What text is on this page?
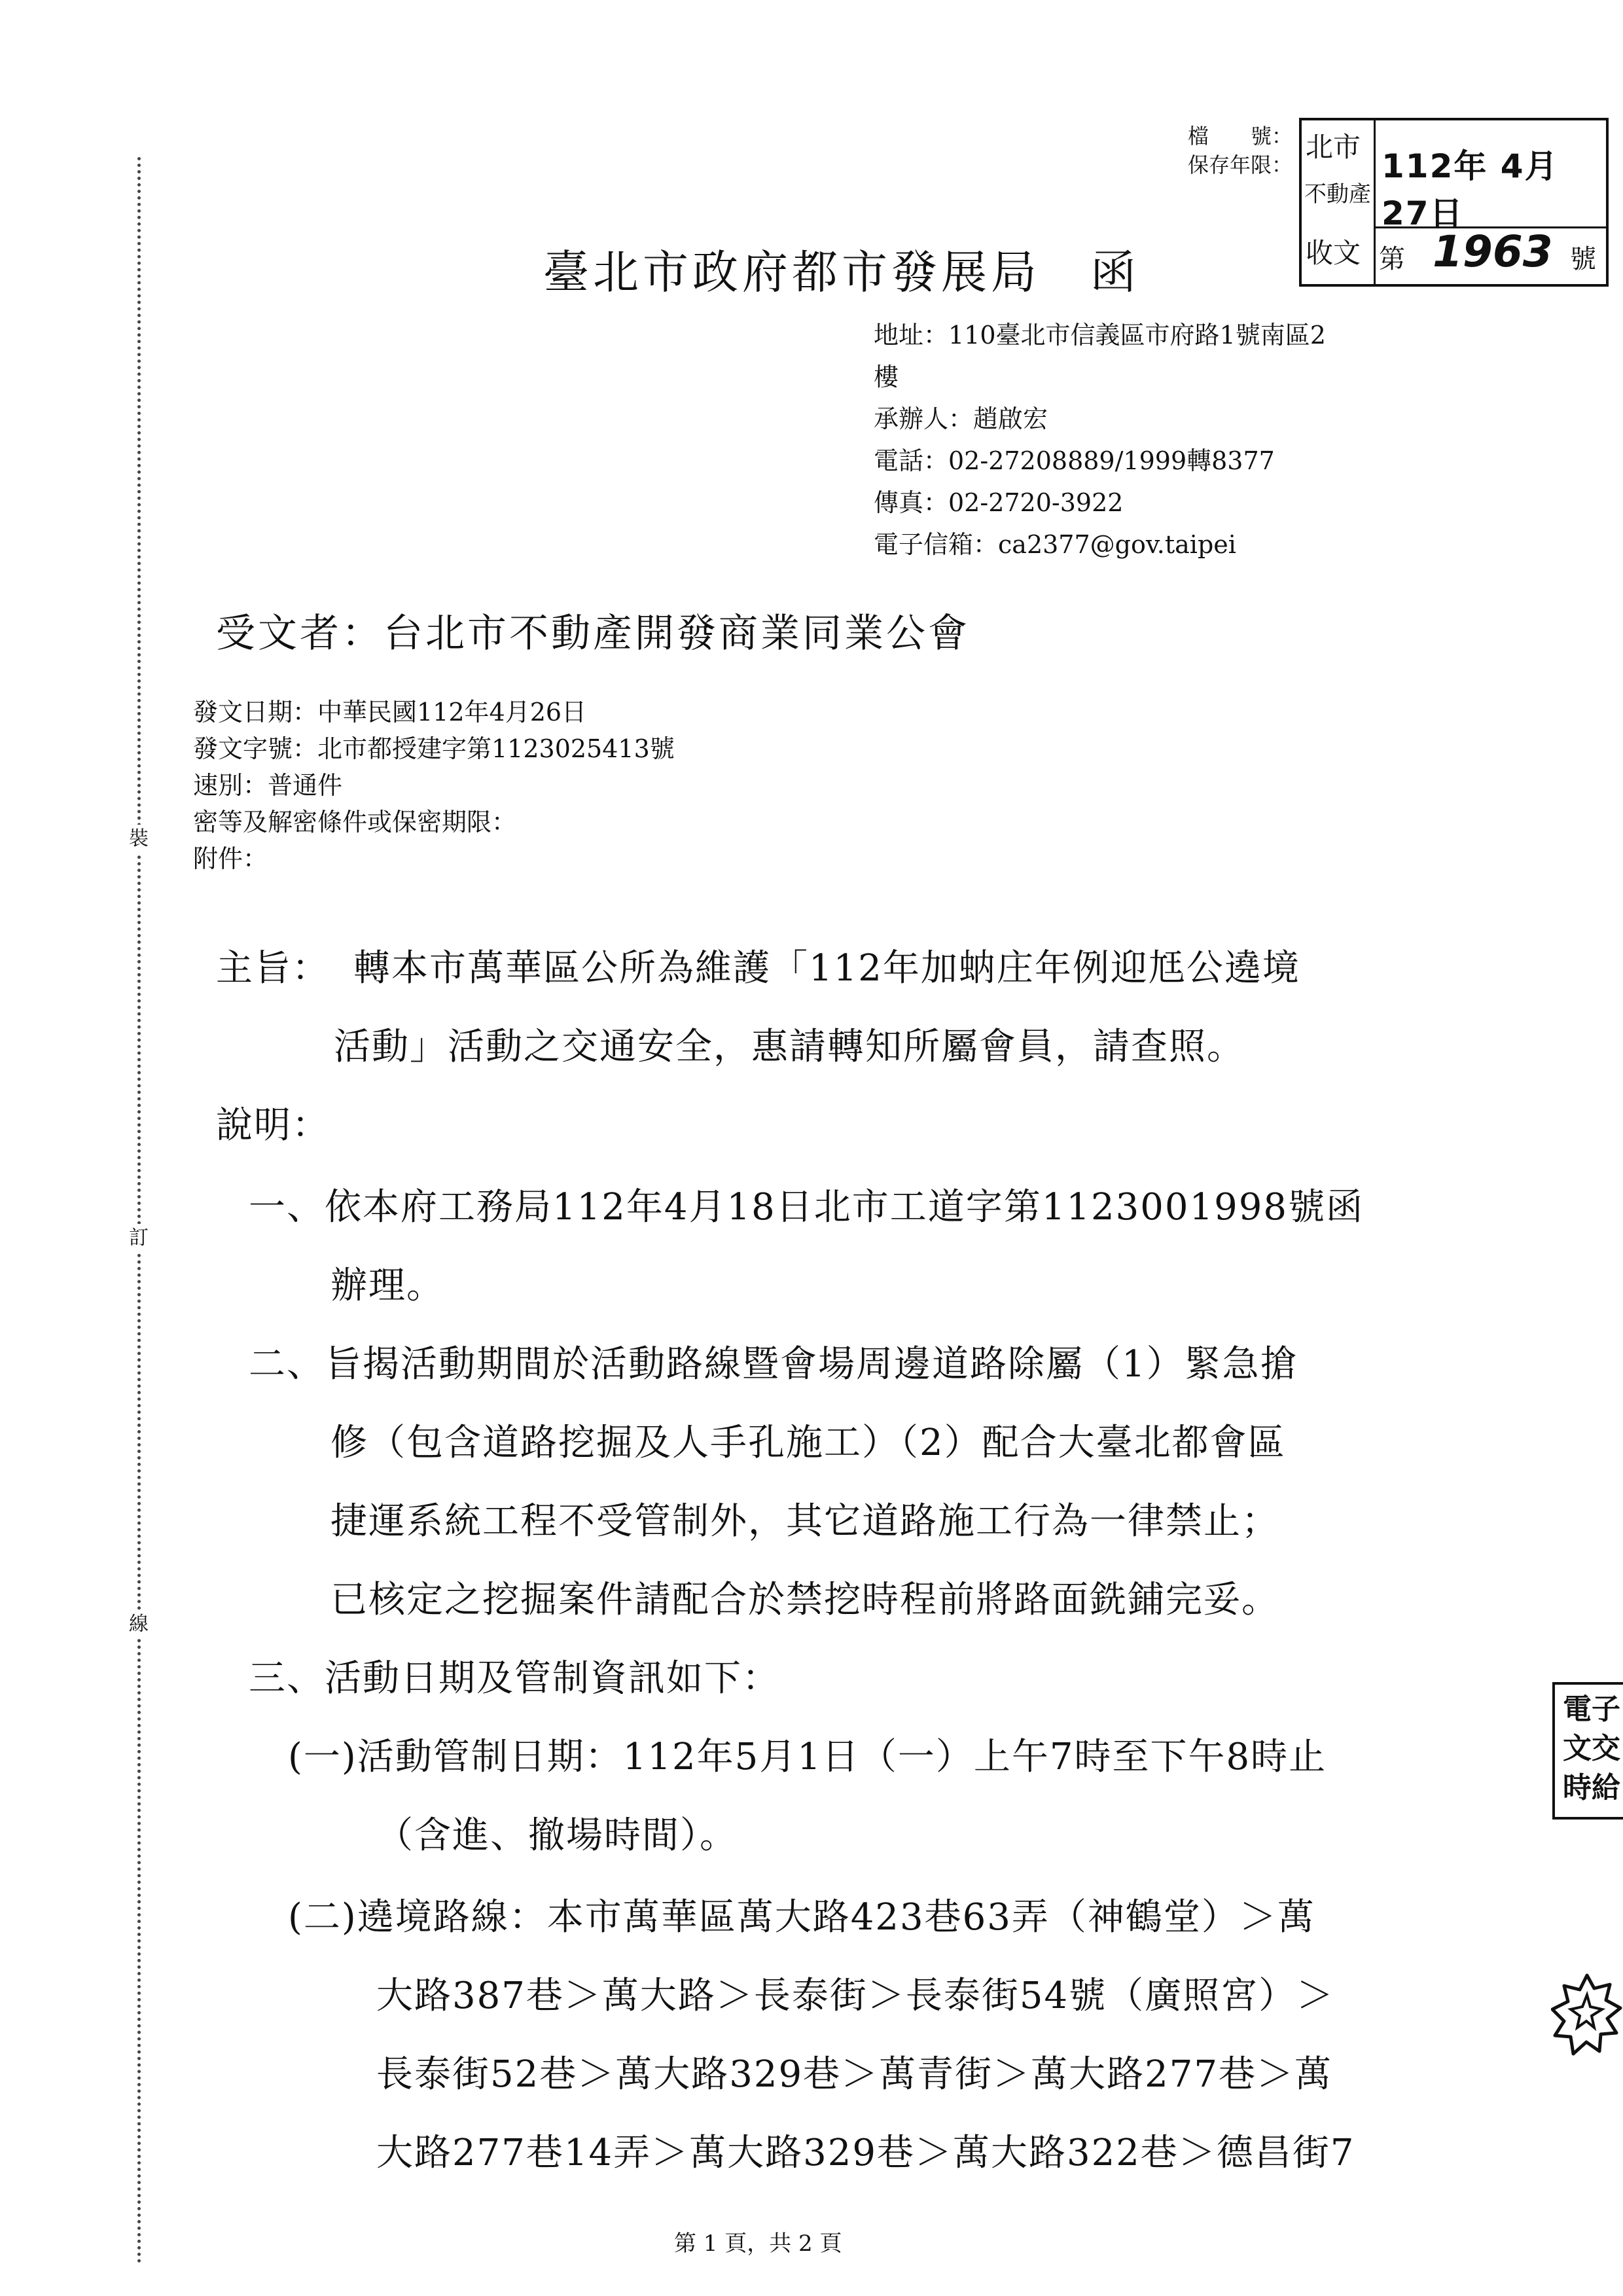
裝
訂
線
檔　　號：
保存年限：
北市
不動產
收文
112年 4月27日
第 1963 號
臺北市政府都市發展局　函
地址：110臺北市信義區市府路1號南區2
樓
承辦人：趙啟宏
電話：02-27208889/1999轉8377
傳真：02-2720-3922
電子信箱：ca2377@gov.taipei
受文者：台北市不動產開發商業同業公會
發文日期：中華民國112年4月26日
發文字號：北市都授建字第1123025413號
速別：普通件
密等及解密條件或保密期限：
附件：
主旨： 轉本市萬華區公所為維護「112年加蚋庄年例迎尪公遶境
活動」活動之交通安全，惠請轉知所屬會員，請查照。
說明：
一、依本府工務局112年4月18日北市工道字第1123001998號函
辦理。
二、旨揭活動期間於活動路線暨會場周邊道路除屬（1）緊急搶
修（包含道路挖掘及人手孔施工）（2）配合大臺北都會區
捷運系統工程不受管制外，其它道路施工行為一律禁止；
已核定之挖掘案件請配合於禁挖時程前將路面銑鋪完妥。
三、活動日期及管制資訊如下：
(一)活動管制日期：112年5月1日（一）上午7時至下午8時止
（含進、撤場時間）。
(二)遶境路線：本市萬華區萬大路423巷63弄（神鶴堂）＞萬
大路387巷＞萬大路＞長泰街＞長泰街54號（廣照宮）＞
長泰街52巷＞萬大路329巷＞萬青街＞萬大路277巷＞萬
大路277巷14弄＞萬大路329巷＞萬大路322巷＞德昌街7
電子
文交
時給
第 1 頁，共 2 頁
